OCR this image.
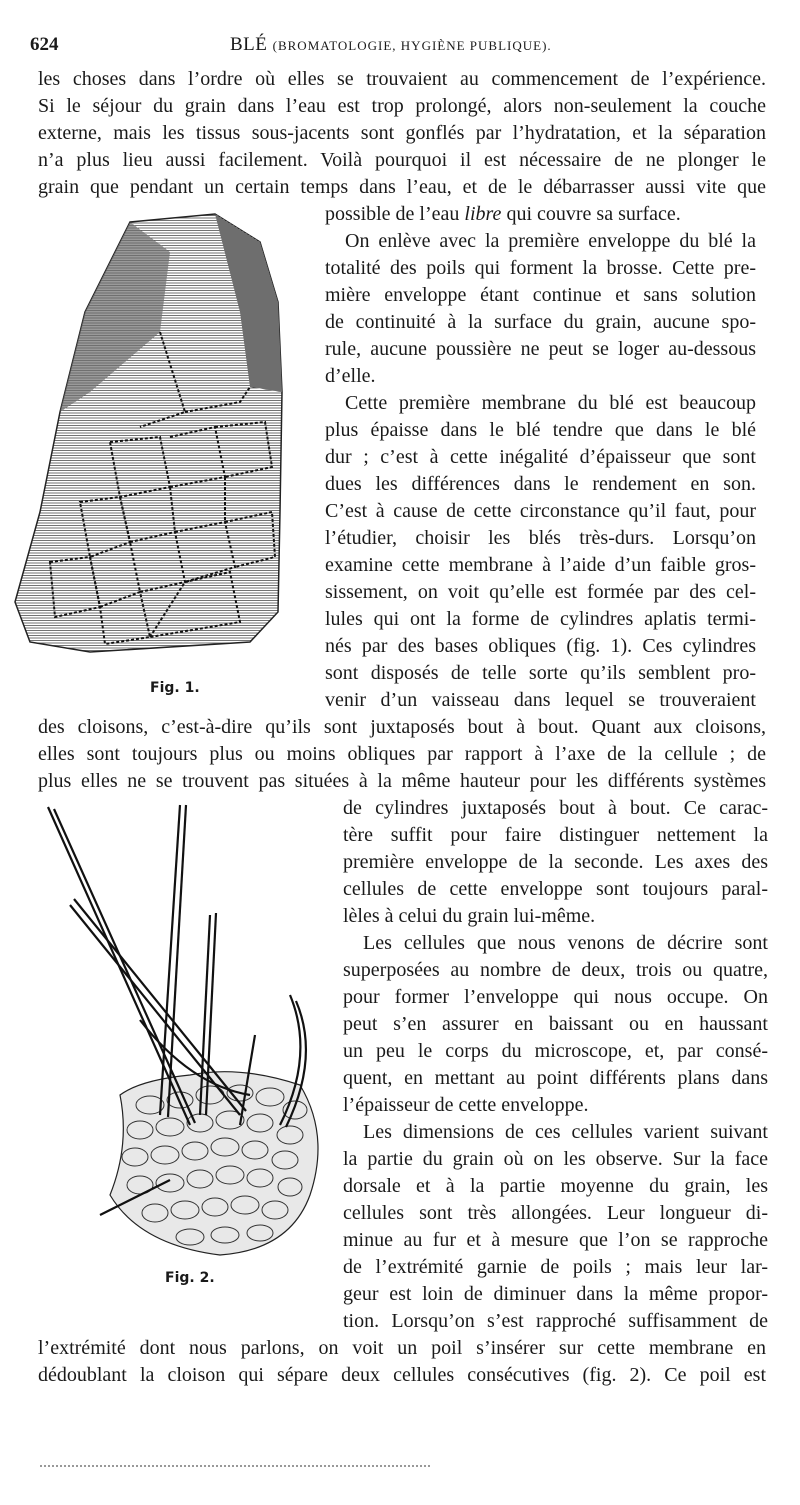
624	BLÉ (BROMATOLOGIE, HYGIÈNE PUBLIQUE).
les choses dans l’ordre où elles se trouvaient au commencement de l’expérience.
Si le séjour du grain dans l’eau est trop prolongé, alors non-seulement la couche
externe, mais les tissus sous-jacents sont gonflés par l’hydratation, et la séparation
n’a plus lieu aussi facilement. Voilà pourquoi il est nécessaire de ne plonger le
grain que pendant un certain temps dans l’eau, et de le débarrasser aussi vite que
possible de l’eau libre qui couvre sa surface.
Fig. 1.
On enlève avec la première enveloppe du blé la
totalité des poils qui forment la brosse. Cette pre-
mière enveloppe étant continue et sans solution
de continuité à la surface du grain, aucune spo-
rule, aucune poussière ne peut se loger au-dessous
d’elle.
Cette première membrane du blé est beaucoup
plus épaisse dans le blé tendre que dans le blé
dur ; c’est à cette inégalité d’épaisseur que sont
dues les différences dans le rendement en son.
C’est à cause de cette circonstance qu’il faut, pour
l’étudier, choisir les blés très-durs. Lorsqu’on
examine cette membrane à l’aide d’un faible gros-
sissement, on voit qu’elle est formée par des cel-
lules qui ont la forme de cylindres aplatis termi-
nés par des bases obliques (fig. 1). Ces cylindres
sont disposés de telle sorte qu’ils semblent pro-
venir d’un vaisseau dans lequel se trouveraient
des cloisons, c’est-à-dire qu’ils sont juxtaposés bout à bout. Quant aux cloisons,
elles sont toujours plus ou moins obliques par rapport à l’axe de la cellule ; de
plus elles ne se trouvent pas situées à la même hauteur pour les différents systèmes
Fig. 2.
de cylindres juxtaposés bout à bout. Ce carac-
tère suffit pour faire distinguer nettement la
première enveloppe de la seconde. Les axes des
cellules de cette enveloppe sont toujours paral-
lèles à celui du grain lui-même.
Les cellules que nous venons de décrire sont
superposées au nombre de deux, trois ou quatre,
pour former l’enveloppe qui nous occupe. On
peut s’en assurer en baissant ou en haussant
un peu le corps du microscope, et, par consé-
quent, en mettant au point différents plans dans
l’épaisseur de cette enveloppe.
Les dimensions de ces cellules varient suivant
la partie du grain où on les observe. Sur la face
dorsale et à la partie moyenne du grain, les
cellules sont très allongées. Leur longueur di-
minue au fur et à mesure que l’on se rapproche
de l’extrémité garnie de poils ; mais leur lar-
geur est loin de diminuer dans la même propor-
tion. Lorsqu’on s’est rapproché suffisamment de
l’extrémité dont nous parlons, on voit un poil s’insérer sur cette membrane en
dédoublant la cloison qui sépare deux cellules consécutives (fig. 2). Ce poil est
